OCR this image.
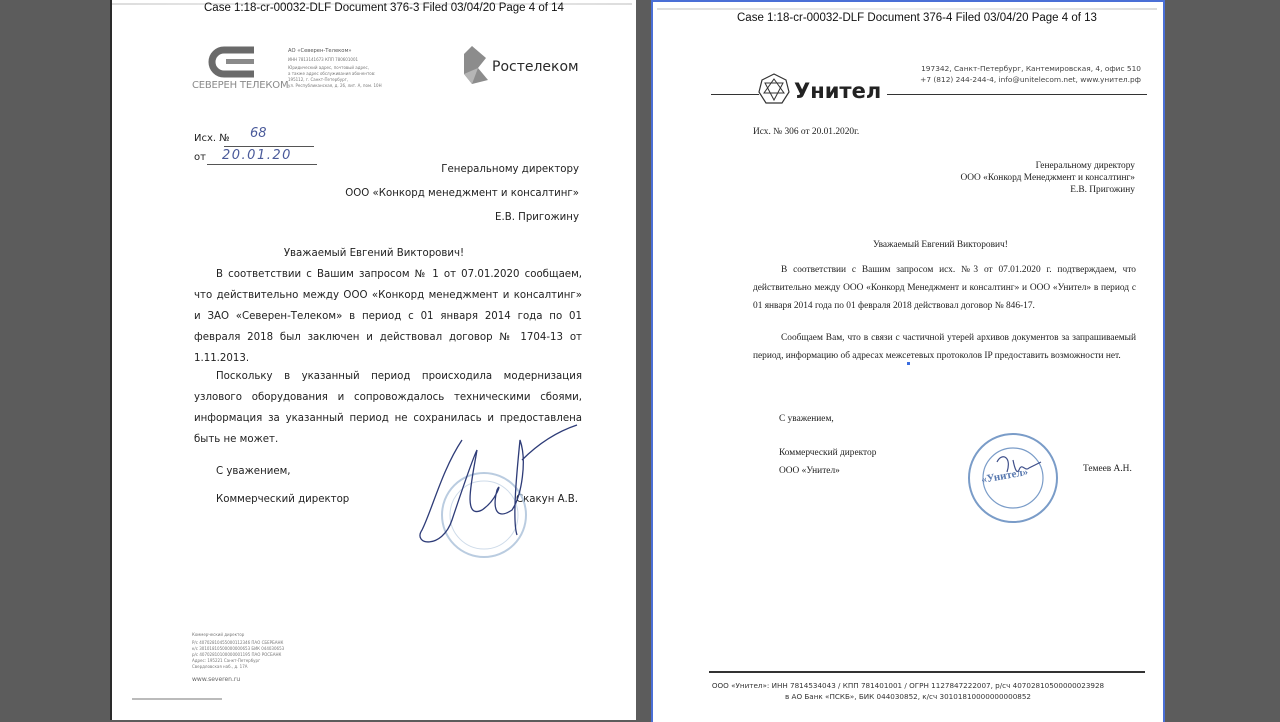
Case 1:18-cr-00032-DLF Document 376-3 Filed 03/04/20 Page 4 of 14
СЕВЕРЕН ТЕЛЕКОМ
АО «Северен-Телеком»
ИНН 7813141673 КПП 780601001
Юридический адрес, почтовый адрес,
а также адрес обслуживания абонентов:
195112, г. Санкт-Петербург,
ул. Республиканская, д. 26, лит. А, пом. 10Н
Ростелеком
Исх. № 68
от 20.01.20
Генеральному директору
ООО «Конкорд менеджмент и консалтинг»
Е.В. Пригожину
Уважаемый Евгений Викторович!
В соответствии с Вашим запросом № 1 от 07.01.2020 сообщаем, что действительно между ООО «Конкорд менеджмент и консалтинг» и ЗАО «Северен-Телеком» в период с 01 января 2014 года по 01 февраля 2018 был заключен и действовал договор № 1704-13 от 1.11.2013.
Поскольку в указанный период происходила модернизация узлового оборудования и сопровождалось техническими сбоями, информация за указанный период не сохранилась и предоставлена быть не может.
С уважением,
Коммерческий директор	Скакун А.В.
Коммерческий директор
Р/с 40702810455000112346 ПАО СБЕРБАНК
к/с 30101810500000000653 БИК 044030653
р/с 40702810100000001195 ПАО РОСБАНК
Адрес: 195221 Санкт-Петербург
Свердловская наб., д. 17А
www.severen.ru
Case 1:18-cr-00032-DLF Document 376-4 Filed 03/04/20 Page 4 of 13
Унител
197342, Санкт-Петербург, Кантемировская, 4, офис 510
+7 (812) 244-244-4, info@unitelecom.net, www.унител.рф
Исх. № 306 от 20.01.2020г.
Генеральному директору
ООО «Конкорд Менеджмент и консалтинг»
Е.В. Пригожину
Уважаемый Евгений Викторович!
В соответствии с Вашим запросом исх. №3 от 07.01.2020 г. подтверждаем, что действительно между ООО «Конкорд Менеджмент и консалтинг» и ООО «Унител» в период с 01 января 2014 года по 01 февраля 2018 действовал договор № 846-17.
Сообщаем Вам, что в связи с частичной утерей архивов документов за запрашиваемый период, информацию об адресах межсетевых протоколов IP предоставить возможности нет.
С уважением,
Коммерческий директор
ООО «Унител»	Темеев А.Н.
«Унител»
ООО «Унител»: ИНН 7814534043 / КПП 781401001 / ОГРН 1127847222007, р/сч 40702810500000023928
в АО Банк «ПСКБ», БИК 044030852, к/сч 30101810000000000852
